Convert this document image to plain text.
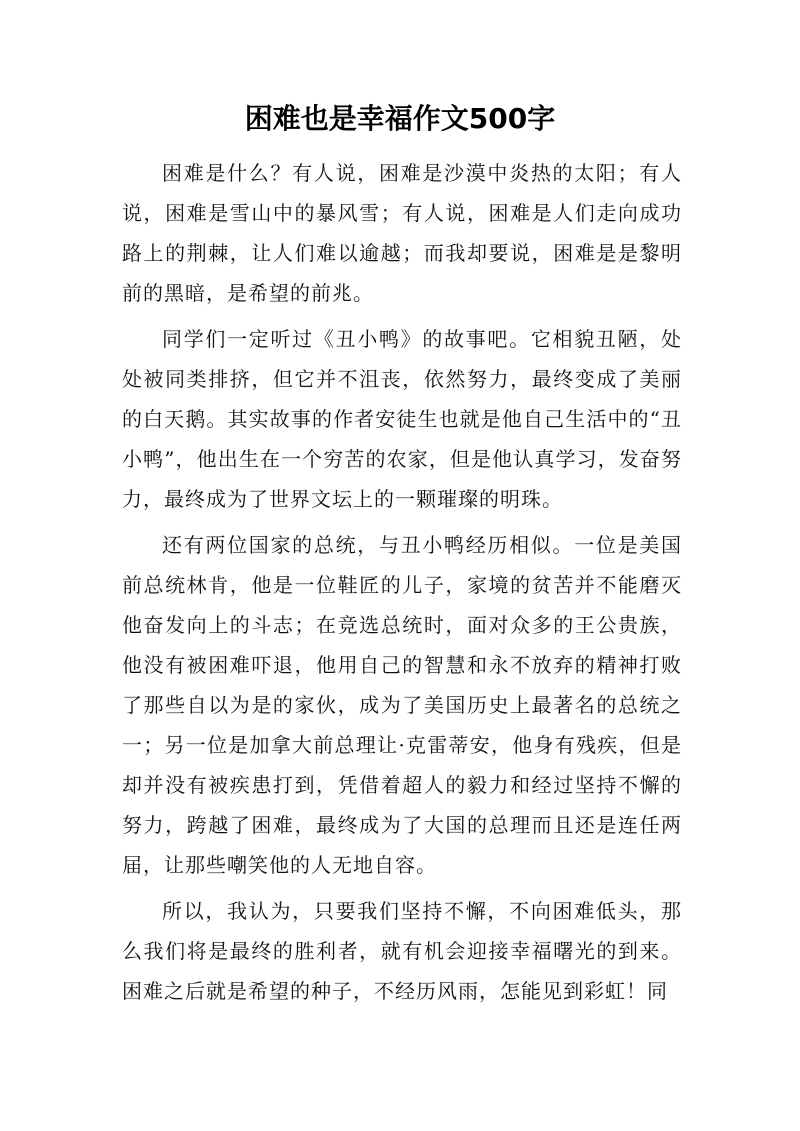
困难也是幸福作文500字

困难是什么？有人说，困难是沙漠中炎热的太阳；有人说，困难是雪山中的暴风雪；有人说，困难是人们走向成功路上的荆棘，让人们难以逾越；而我却要说，困难是是黎明前的黑暗，是希望的前兆。

同学们一定听过《丑小鸭》的故事吧。它相貌丑陋，处处被同类排挤，但它并不沮丧，依然努力，最终变成了美丽的白天鹅。其实故事的作者安徒生也就是他自己生活中的“丑小鸭”，他出生在一个穷苦的农家，但是他认真学习，发奋努力，最终成为了世界文坛上的一颗璀璨的明珠。

还有两位国家的总统，与丑小鸭经历相似。一位是美国前总统林肯，他是一位鞋匠的儿子，家境的贫苦并不能磨灭他奋发向上的斗志；在竞选总统时，面对众多的王公贵族，他没有被困难吓退，他用自己的智慧和永不放弃的精神打败了那些自以为是的家伙，成为了美国历史上最著名的总统之一；另一位是加拿大前总理让·克雷蒂安，他身有残疾，但是却并没有被疾患打到，凭借着超人的毅力和经过坚持不懈的努力，跨越了困难，最终成为了大国的总理而且还是连任两届，让那些嘲笑他的人无地自容。

所以，我认为，只要我们坚持不懈，不向困难低头，那么我们将是最终的胜利者，就有机会迎接幸福曙光的到来。困难之后就是希望的种子，不经历风雨，怎能见到彩虹！同
